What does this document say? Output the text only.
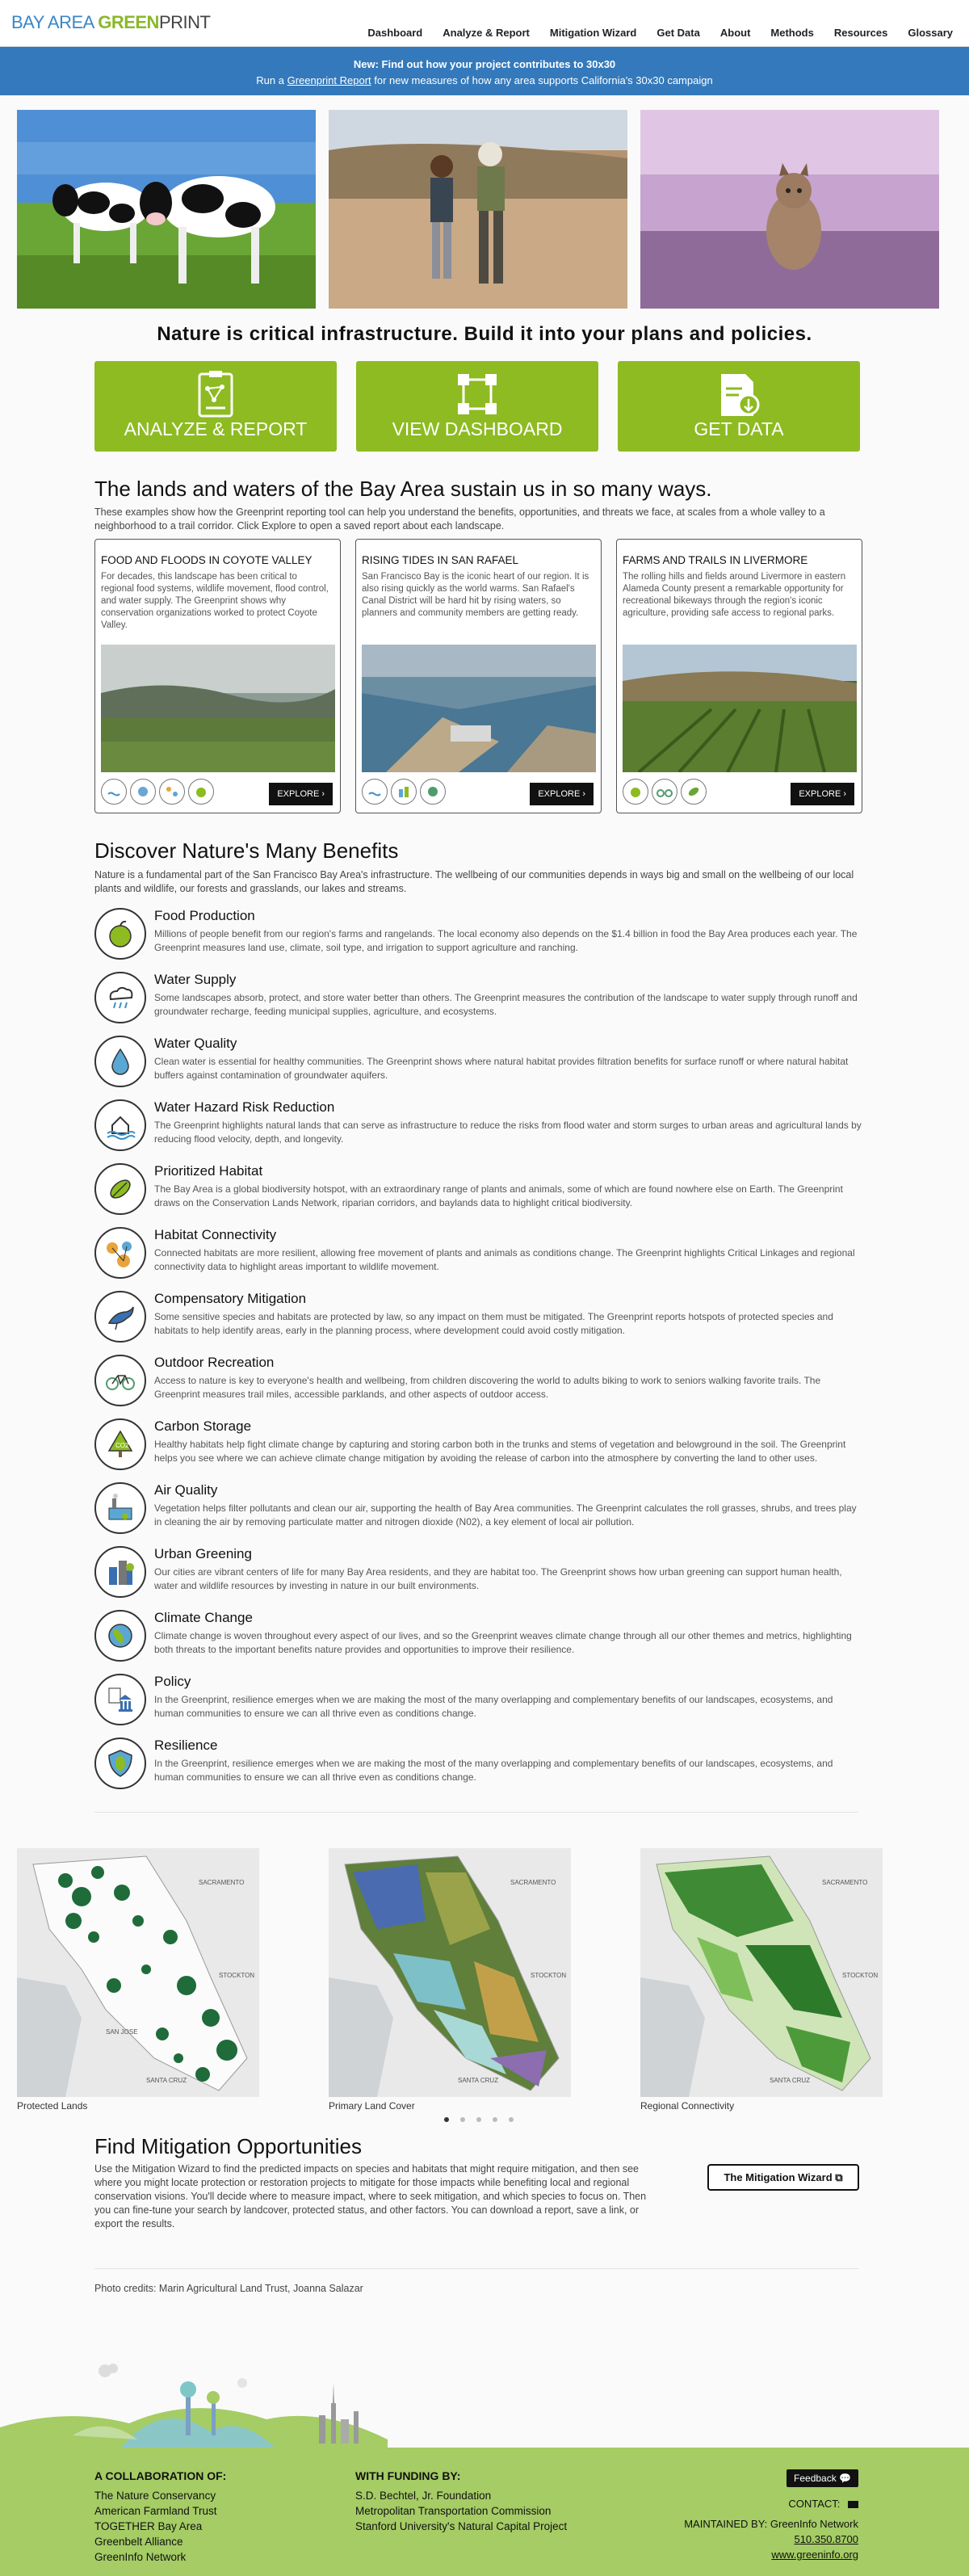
BAY AREA GREENPRINT
Dashboard Analyze & Report Mitigation Wizard Get Data About Methods Resources Glossary
New: Find out how your project contributes to 30x30
Run a Greenprint Report for new measures of how any area supports California's 30x30 campaign
Nature is critical infrastructure. Build it into your plans and policies.
ANALYZE & REPORT	VIEW DASHBOARD	GET DATA
The lands and waters of the Bay Area sustain us in so many ways.
These examples show how the Greenprint reporting tool can help you understand the benefits, opportunities, and threats we face, at scales from a whole valley to a neighborhood to a trail corridor. Click Explore to open a saved report about each landscape.
FOOD AND FLOODS IN COYOTE VALLEY
For decades, this landscape has been critical to regional food systems, wildlife movement, flood control, and water supply. The Greenprint shows why conservation organizations worked to protect Coyote Valley.
EXPLORE ›
RISING TIDES IN SAN RAFAEL
San Francisco Bay is the iconic heart of our region. It is also rising quickly as the world warms. San Rafael's Canal District will be hard hit by rising waters, so planners and community members are getting ready.
EXPLORE ›
FARMS AND TRAILS IN LIVERMORE
The rolling hills and fields around Livermore in eastern Alameda County present a remarkable opportunity for recreational bikeways through the region's iconic agriculture, providing safe access to regional parks.
EXPLORE ›
Discover Nature's Many Benefits
Nature is a fundamental part of the San Francisco Bay Area's infrastructure. The wellbeing of our communities depends in ways big and small on the wellbeing of our local plants and wildlife, our forests and grasslands, our lakes and streams.
Food Production
Millions of people benefit from our region's farms and rangelands. The local economy also depends on the $1.4 billion in food the Bay Area produces each year. The Greenprint measures land use, climate, soil type, and irrigation to support agriculture and ranching.
Water Supply
Some landscapes absorb, protect, and store water better than others. The Greenprint measures the contribution of the landscape to water supply through runoff and groundwater recharge, feeding municipal supplies, agriculture, and ecosystems.
Water Quality
Clean water is essential for healthy communities. The Greenprint shows where natural habitat provides filtration benefits for surface runoff or where natural habitat buffers against contamination of groundwater aquifers.
Water Hazard Risk Reduction
The Greenprint highlights natural lands that can serve as infrastructure to reduce the risks from flood water and storm surges to urban areas and agricultural lands by reducing flood velocity, depth, and longevity.
Prioritized Habitat
The Bay Area is a global biodiversity hotspot, with an extraordinary range of plants and animals, some of which are found nowhere else on Earth. The Greenprint draws on the Conservation Lands Network, riparian corridors, and baylands data to highlight critical biodiversity.
Habitat Connectivity
Connected habitats are more resilient, allowing free movement of plants and animals as conditions change. The Greenprint highlights Critical Linkages and regional connectivity data to highlight areas important to wildlife movement.
Compensatory Mitigation
Some sensitive species and habitats are protected by law, so any impact on them must be mitigated. The Greenprint reports hotspots of protected species and habitats to help identify areas, early in the planning process, where development could avoid costly mitigation.
Outdoor Recreation
Access to nature is key to everyone's health and wellbeing, from children discovering the world to adults biking to work to seniors walking favorite trails. The Greenprint measures trail miles, accessible parklands, and other aspects of outdoor access.
CO2
Carbon Storage
Healthy habitats help fight climate change by capturing and storing carbon both in the trunks and stems of vegetation and belowground in the soil. The Greenprint helps you see where we can achieve climate change mitigation by avoiding the release of carbon into the atmosphere by converting the land to other uses.
Air Quality
Vegetation helps filter pollutants and clean our air, supporting the health of Bay Area communities. The Greenprint calculates the roll grasses, shrubs, and trees play in cleaning the air by removing particulate matter and nitrogen dioxide (N02), a key element of local air pollution.
Urban Greening
Our cities are vibrant centers of life for many Bay Area residents, and they are habitat too. The Greenprint shows how urban greening can support human health, water and wildlife resources by investing in nature in our built environments.
Climate Change
Climate change is woven throughout every aspect of our lives, and so the Greenprint weaves climate change through all our other themes and metrics, highlighting both threats to the important benefits nature provides and opportunities to improve their resilience.
Policy
In the Greenprint, resilience emerges when we are making the most of the many overlapping and complementary benefits of our landscapes, ecosystems, and human communities to ensure we can all thrive even as conditions change.
Resilience
In the Greenprint, resilience emerges when we are making the most of the many overlapping and complementary benefits of our landscapes, ecosystems, and human communities to ensure we can all thrive even as conditions change.
SACRAMENTO
STOCKTON
SAN JOSE
SANTA CRUZ
SACRAMENTO
STOCKTON
SANTA CRUZ
SACRAMENTO
STOCKTON
SANTA CRUZ
Protected Lands	Primary Land Cover	Regional Connectivity
Find Mitigation Opportunities
Use the Mitigation Wizard to find the predicted impacts on species and habitats that might require mitigation, and then see where you might locate protection or restoration projects to mitigate for those impacts while benefiting local and regional conservation visions. You'll decide where to measure impact, where to seek mitigation, and which species to focus on. Then you can fine-tune your search by landcover, protected status, and other factors. You can download a report, save a link, or export the results.
The Mitigation Wizard ⧉
Photo credits: Marin Agricultural Land Trust, Joanna Salazar
A COLLABORATION OF:
The Nature Conservancy
American Farmland Trust
TOGETHER Bay Area
Greenbelt Alliance
GreenInfo Network
WITH FUNDING BY:
S.D. Bechtel, Jr. Foundation
Metropolitan Transportation Commission
Stanford University's Natural Capital Project
Feedback 💬
CONTACT:
MAINTAINED BY: GreenInfo Network
510.350.8700
www.greeninfo.org
